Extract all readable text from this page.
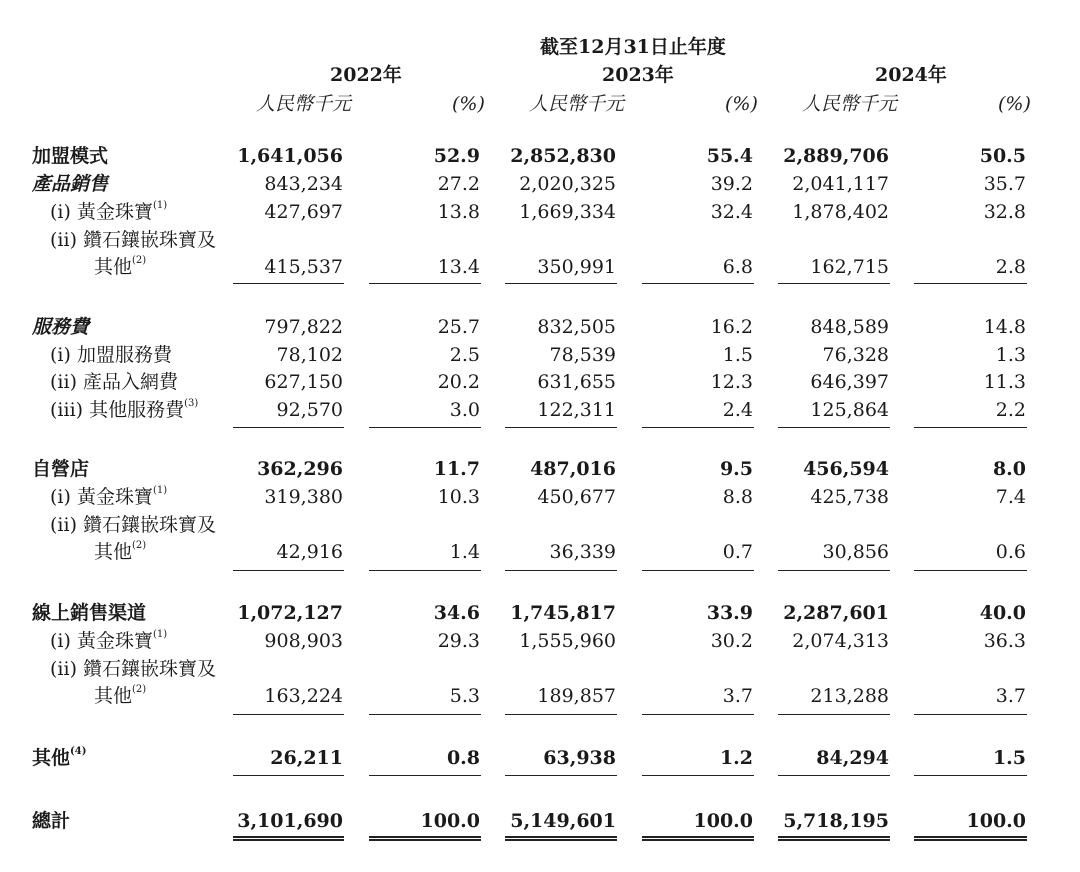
截至12月31日止年度
2022年	2023年	2024年
人民幣千元	(%) 人民幣千元	(%) 人民幣千元	(%)
加盟模式	1,641,056	52.9 2,852,830	55.4 2,889,706	50.5
產品銷售	843,234	27.2 2,020,325	39.2 2,041,117	35.7
(i) 黃金珠寶$^{(1)}$	427,697	13.8 1,669,334	32.4 1,878,402	32.8
(ii) 鑽石鑲嵌珠寶及
其他$^{(2)}$	415,537	13.4	350,991	6.8	162,715	2.8
服務費	797,822	25.7	832,505	16.2	848,589	14.8
(i) 加盟服務費	78,102	2.5	78,539	1.5	76,328	1.3
(ii) 產品入網費	627,150	20.2	631,655	12.3	646,397	11.3
(iii) 其他服務費$^{(3)}$	92,570	3.0	122,311	2.4	125,864	2.2
自營店	362,296	11.7	487,016	9.5	456,594	8.0
(i) 黃金珠寶$^{(1)}$	319,380	10.3	450,677	8.8	425,738	7.4
(ii) 鑽石鑲嵌珠寶及
其他$^{(2)}$	42,916	1.4	36,339	0.7	30,856	0.6
線上銷售渠道	1,072,127	34.6 1,745,817	33.9 2,287,601	40.0
(i) 黃金珠寶$^{(1)}$	908,903	29.3 1,555,960	30.2 2,074,313	36.3
(ii) 鑽石鑲嵌珠寶及
其他$^{(2)}$	163,224	5.3	189,857	3.7	213,288	3.7
其他$^{(4)}$	26,211	0.8	63,938	1.2	84,294	1.5
總計	3,101,690	100.0 5,149,601	100.0 5,718,195	100.0
